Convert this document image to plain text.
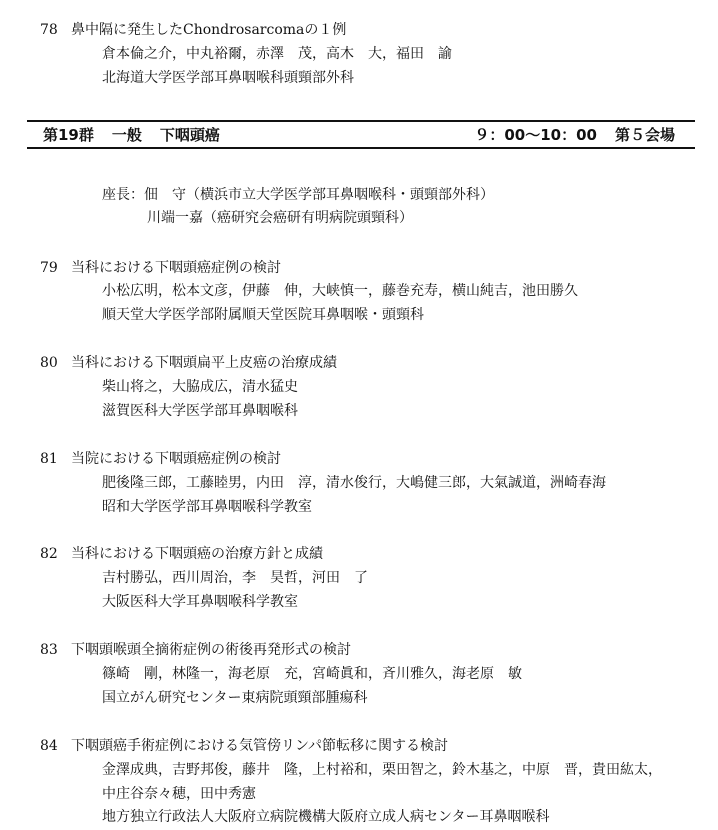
78 鼻中隔に発生したChondrosarcomaの１例
倉本倫之介，中丸裕爾，赤澤　茂，高木　大，福田　諭
北海道大学医学部耳鼻咽喉科頭頸部外科
第19群 一般 下咽頭癌	９：00～10：00 第５会場
座長：佃　守（横浜市立大学医学部耳鼻咽喉科・頭頸部外科）
川端一嘉（癌研究会癌研有明病院頭頸科）
79 当科における下咽頭癌症例の検討
小松広明，松本文彦，伊藤　伸，大峡慎一，藤巻充寿，横山純吉，池田勝久
順天堂大学医学部附属順天堂医院耳鼻咽喉・頭頸科
80 当科における下咽頭扁平上皮癌の治療成績
柴山将之，大脇成広，清水猛史
滋賀医科大学医学部耳鼻咽喉科
81 当院における下咽頭癌症例の検討
肥後隆三郎，工藤睦男，内田　淳，清水俊行，大嶋健三郎，大氣誠道，洲崎春海
昭和大学医学部耳鼻咽喉科学教室
82 当科における下咽頭癌の治療方針と成績
吉村勝弘，西川周治，李　昊哲，河田　了
大阪医科大学耳鼻咽喉科学教室
83 下咽頭喉頭全摘術症例の術後再発形式の検討
篠崎　剛，林隆一，海老原　充，宮崎眞和，斉川雅久，海老原　敏
国立がん研究センター東病院頭頸部腫瘍科
84 下咽頭癌手術症例における気管傍リンパ節転移に関する検討
金澤成典，吉野邦俊，藤井　隆，上村裕和，栗田智之，鈴木基之，中原　晋，貴田紘太，
中庄谷奈々穂，田中秀憲
地方独立行政法人大阪府立病院機構大阪府立成人病センター耳鼻咽喉科
